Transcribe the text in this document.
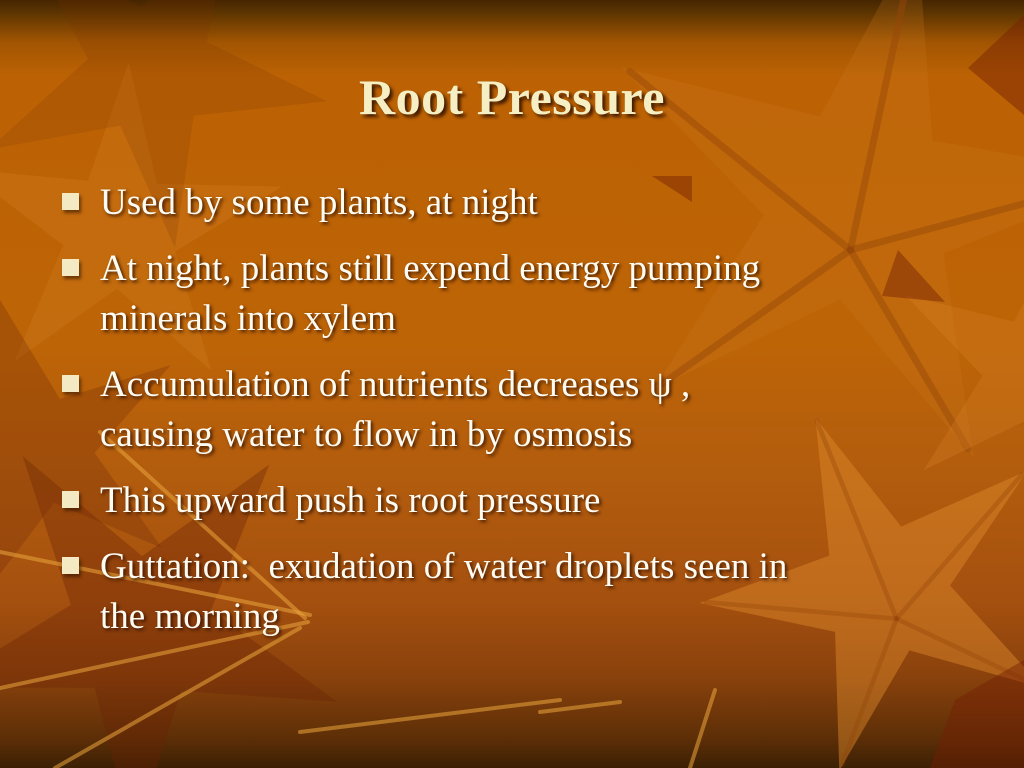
Root Pressure
Used by some plants, at night
At night, plants still expend energy pumping
minerals into xylem
Accumulation of nutrients decreases ψ ,
causing water to flow in by osmosis
This upward push is root pressure
Guttation:  exudation of water droplets seen in
the morning
